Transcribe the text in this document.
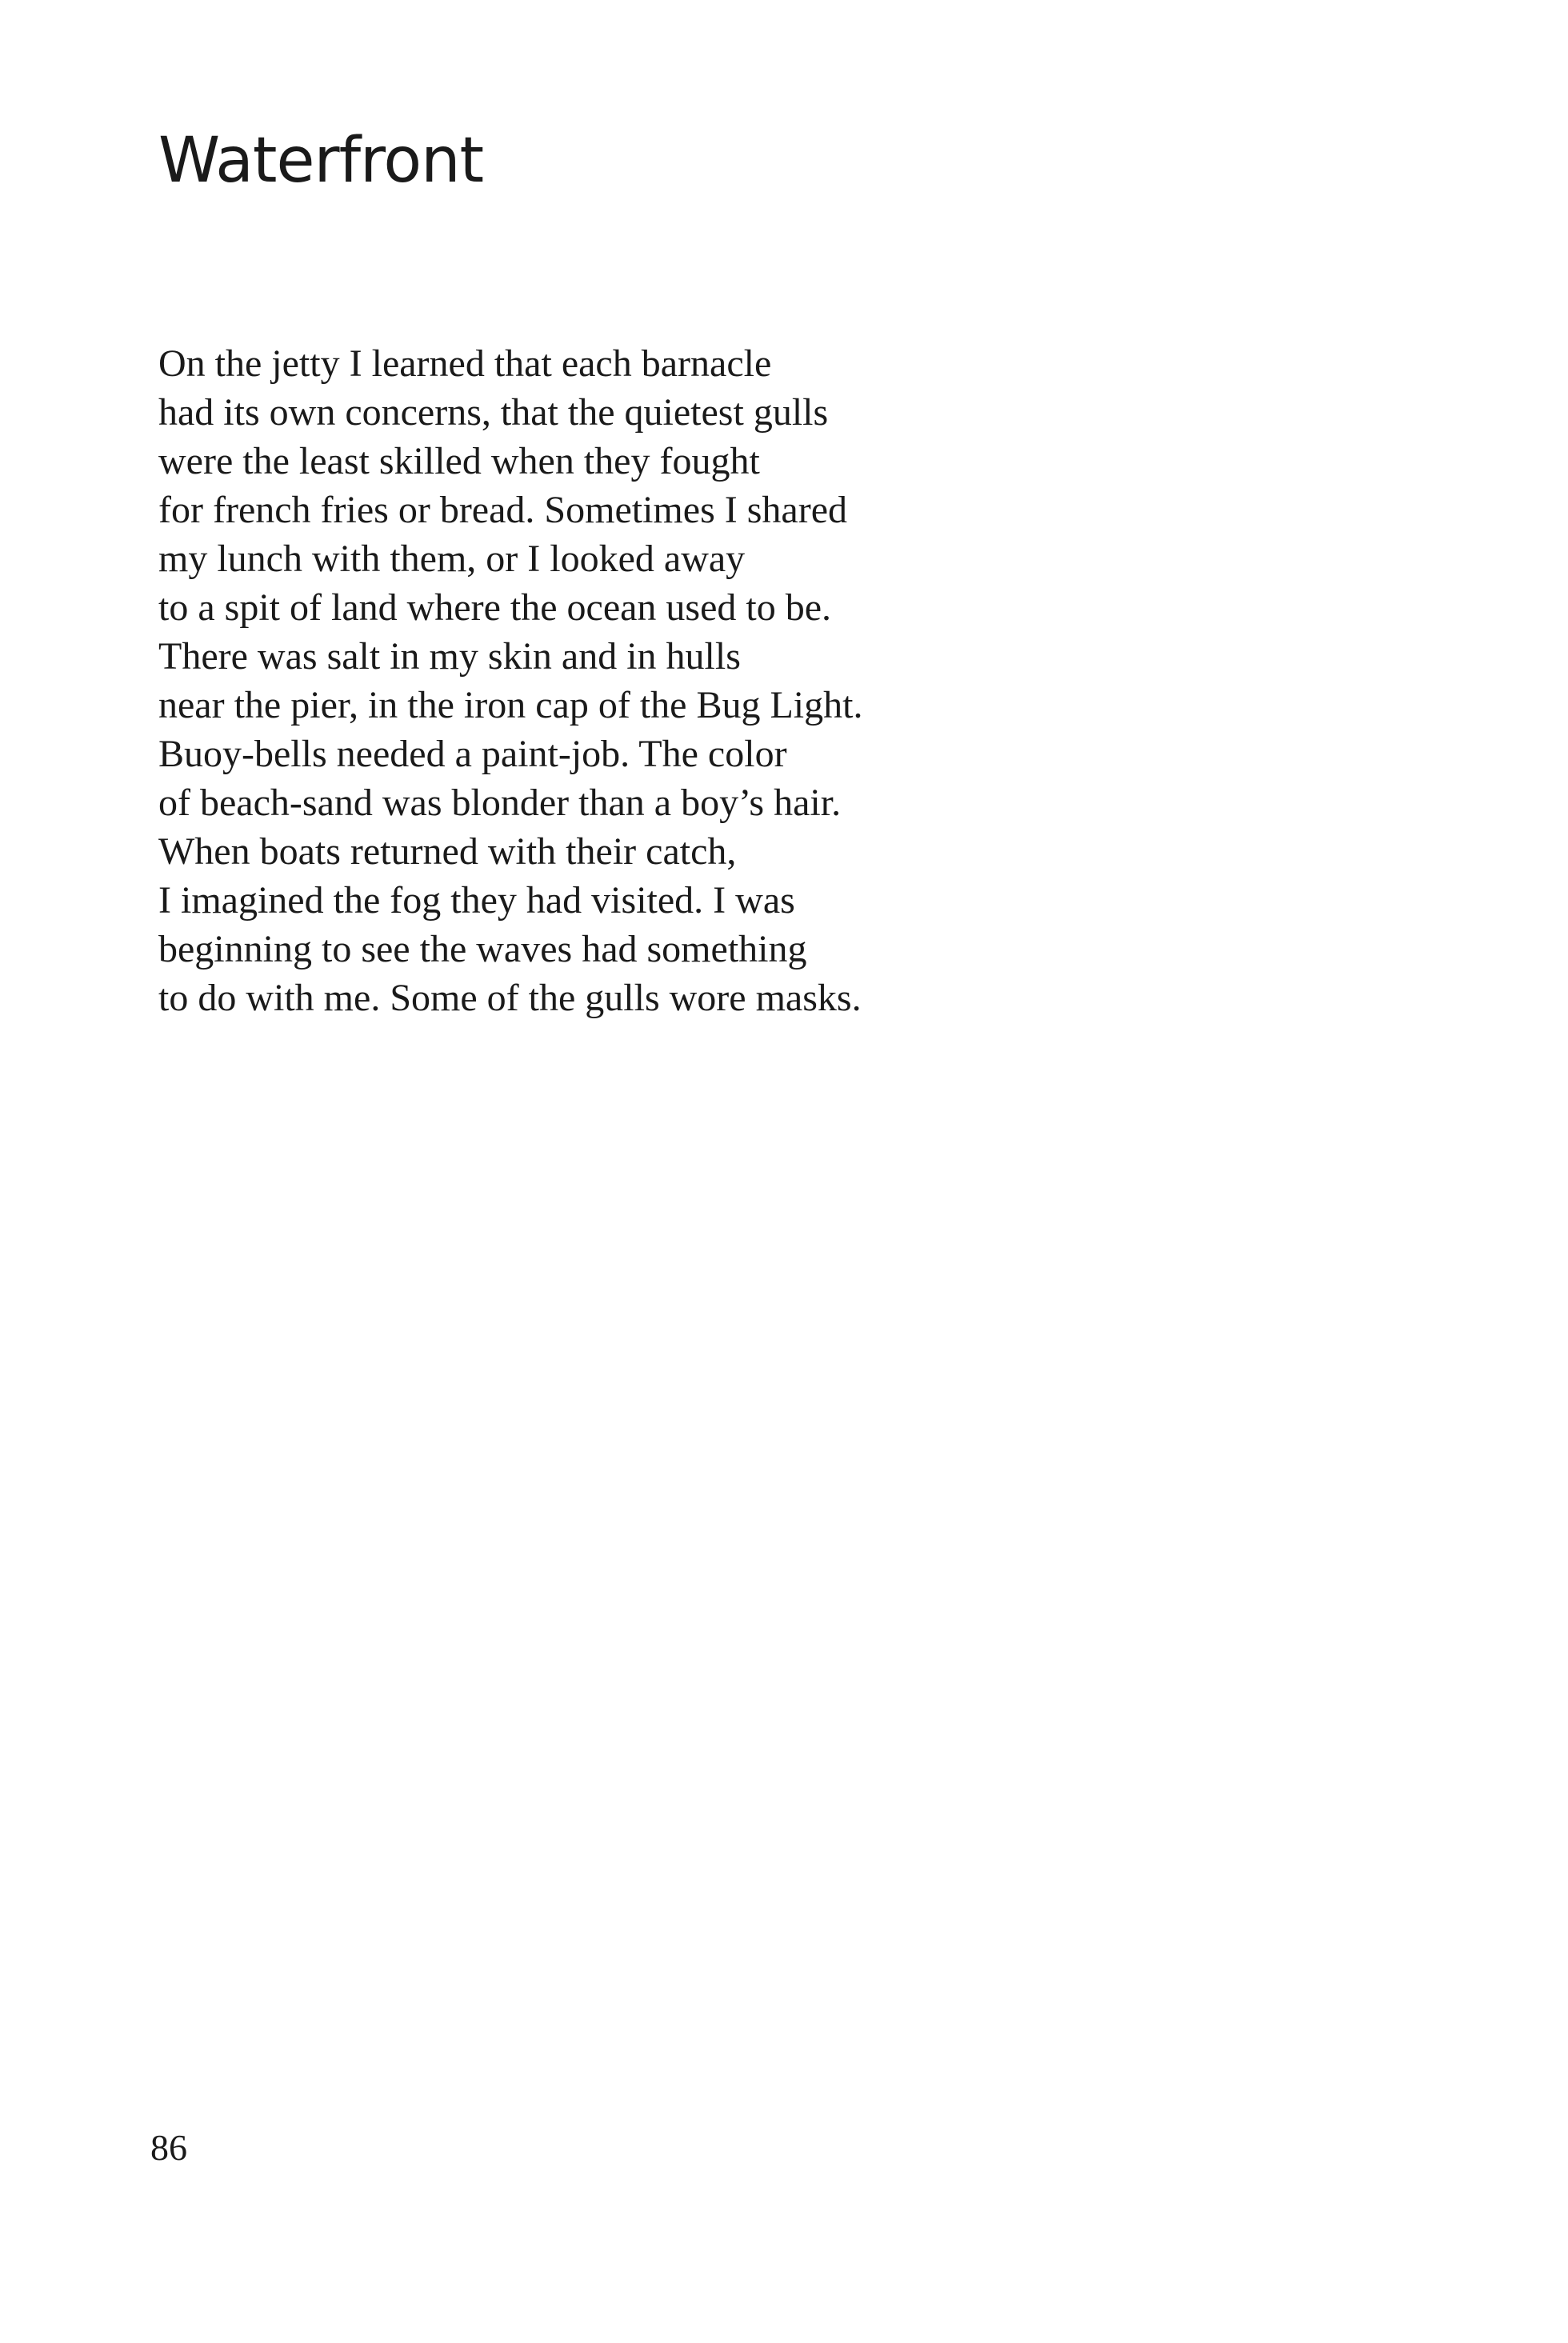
Waterfront
On the jetty I learned that each barnacle
had its own concerns, that the quietest gulls
were the least skilled when they fought
for french fries or bread. Sometimes I shared
my lunch with them, or I looked away
to a spit of land where the ocean used to be.
There was salt in my skin and in hulls
near the pier, in the iron cap of the Bug Light.
Buoy-bells needed a paint-job. The color
of beach-sand was blonder than a boy’s hair.
When boats returned with their catch,
I imagined the fog they had visited. I was
beginning to see the waves had something
to do with me. Some of the gulls wore masks.
86
